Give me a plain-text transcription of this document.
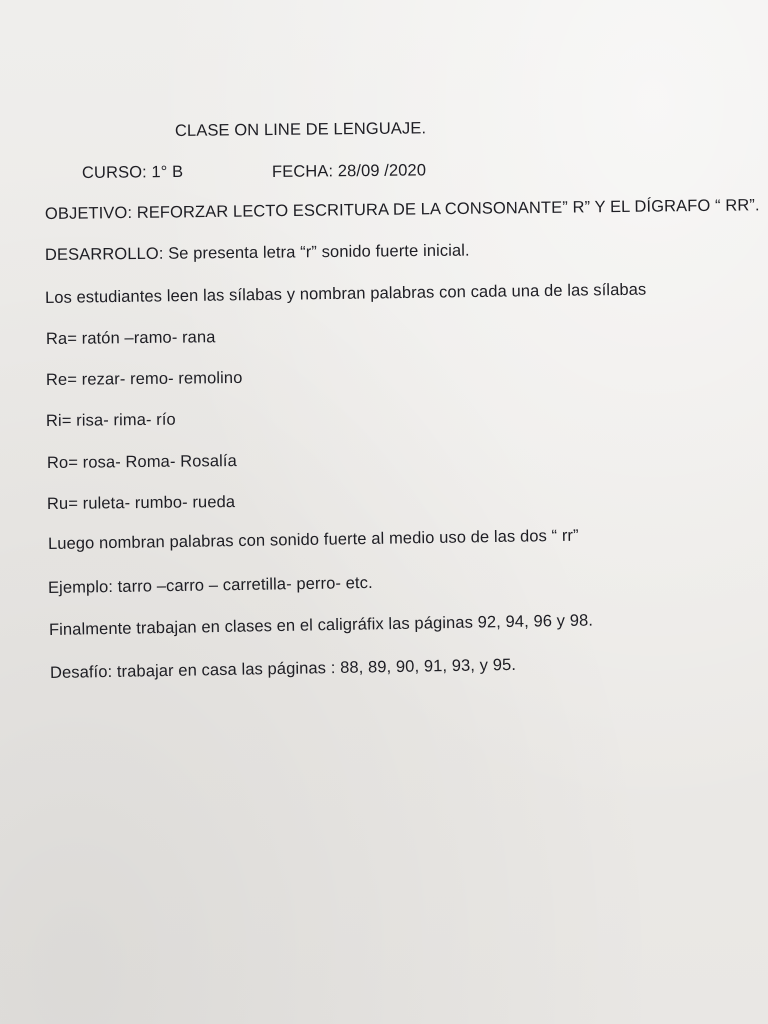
CLASE ON LINE DE LENGUAJE.
CURSO: 1° B	FECHA: 28/09 /2020
OBJETIVO: REFORZAR LECTO ESCRITURA DE LA CONSONANTE” R” Y EL DÍGRAFO “ RR”.
DESARROLLO: Se presenta letra “r” sonido fuerte inicial.
Los estudiantes leen las sílabas y nombran palabras con cada una de las sílabas
Ra= ratón –ramo- rana
Re= rezar- remo- remolino
Ri= risa- rima- río
Ro= rosa- Roma- Rosalía
Ru= ruleta- rumbo- rueda
Luego nombran palabras con sonido fuerte al medio uso de las dos “ rr”
Ejemplo: tarro –carro – carretilla- perro- etc.
Finalmente trabajan en clases en el caligráfix las páginas 92, 94, 96 y 98.
Desafío: trabajar en casa las páginas : 88, 89, 90, 91, 93, y 95.
